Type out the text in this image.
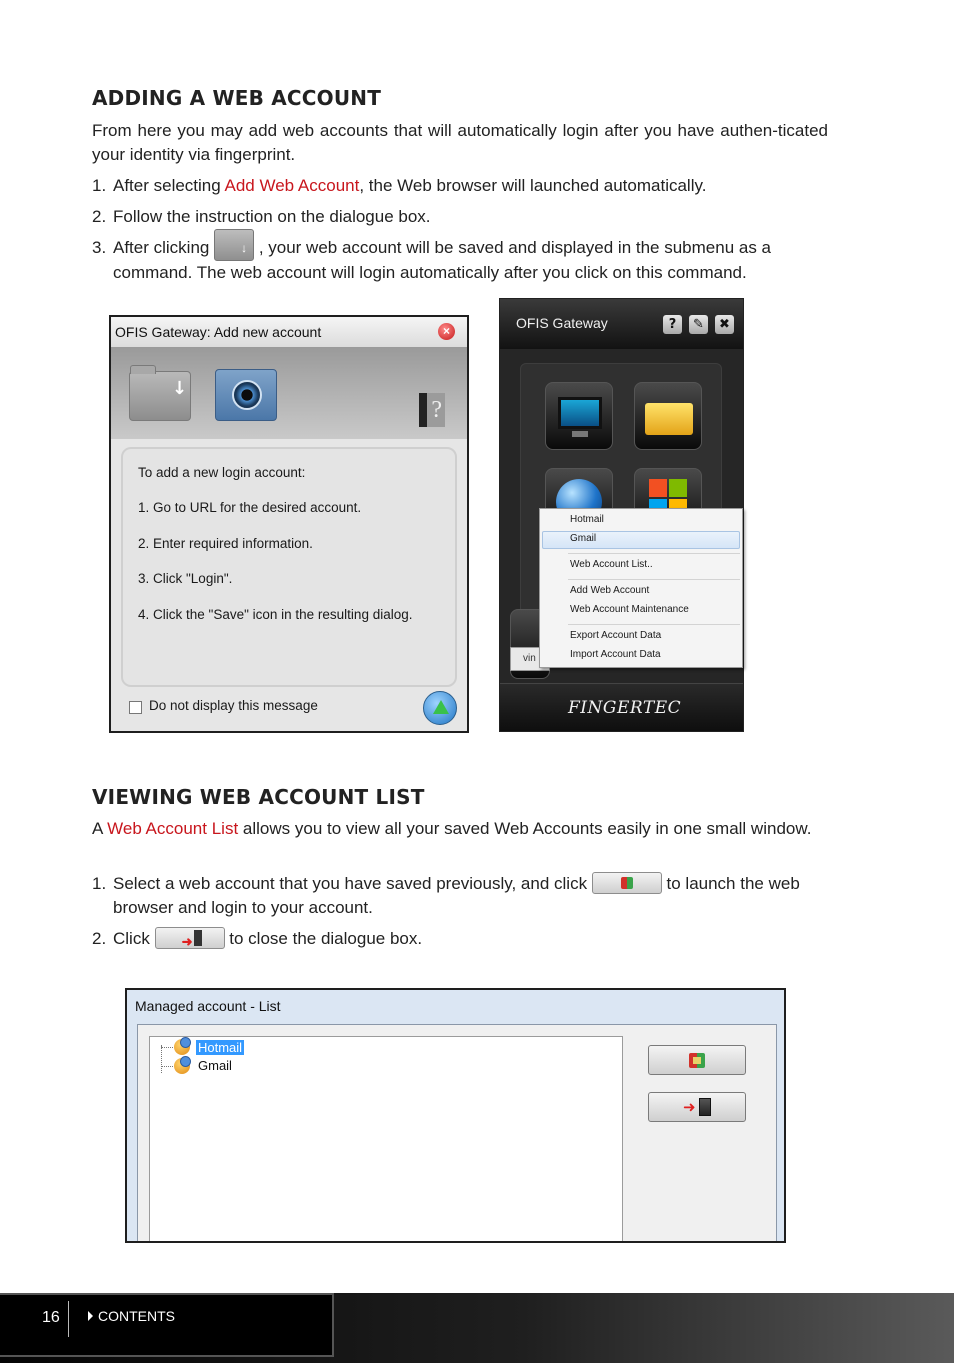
ADDING A WEB ACCOUNT
From here you may add web accounts that will automatically login after you have authen-ticated your identity via fingerprint.
1. After selecting Add Web Account, the Web browser will launched automatically.
2. Follow the instruction on the dialogue box.
3. After clicking ↓ , your web account will be saved and displayed in the submenu as a command. The web account will login automatically after you click on this command.
OFIS Gateway: Add new account	×
↓
?
To add a new login account:
1. Go to URL for the desired account.
2. Enter required information.
3. Click "Login".
4. Click the "Save" icon in the resulting dialog.
Do not display this message
OFIS Gateway	?	✎	✖
vin
FINGERTEC
Hotmail
Gmail
Web Account List..
Add Web Account
Web Account Maintenance
Export Account Data
Import Account Data
VIEWING WEB ACCOUNT LIST
A Web Account List allows you to view all your saved Web Accounts easily in one small window.
1. Select a web account that you have saved previously, and click	to launch the web browser and login to your account.
2. Click ➜ to close the dialogue box.
Managed account - List
Hotmail
Gmail
➜
16	CONTENTS
